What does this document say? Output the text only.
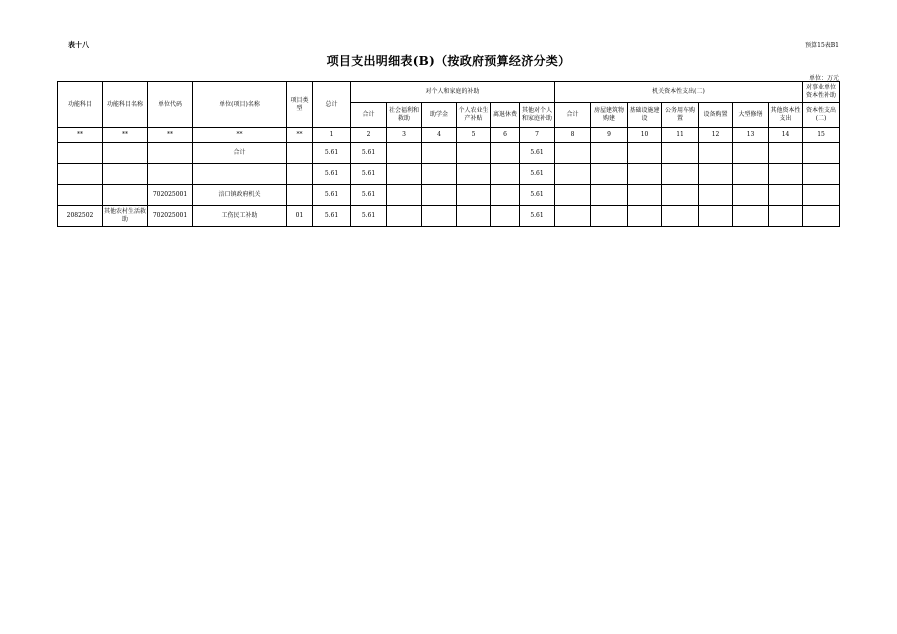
表十八	预算15表B1
项目支出明细表(B)（按政府预算经济分类）
单位：万元
功能科目	功能科目名称	单位代码	单位(项目)名称	项目类型	总计	对个人和家庭的补助						机关资本性支出(二)							对事业单位资本性补助
						合计	社会福利和救助	助学金	个人农业生产补贴	离退休费	其他对个人和家庭补助	合计	房屋建筑物购建	基础设施建设	公务用车购置	设备购置	大型修缮	其他资本性支出	资本性支出(二)
**	**	**	**	**	1	2	3	4	5	6	7	8	9	10	11	12	13	14	15
			合计		5.61	5.61					5.61								
					5.61	5.61					5.61								
		702025001	涪口镇政府机关		5.61	5.61					5.61								
2082502	其他农村生活救助	702025001	工伤民工补助	01	5.61	5.61					5.61								
